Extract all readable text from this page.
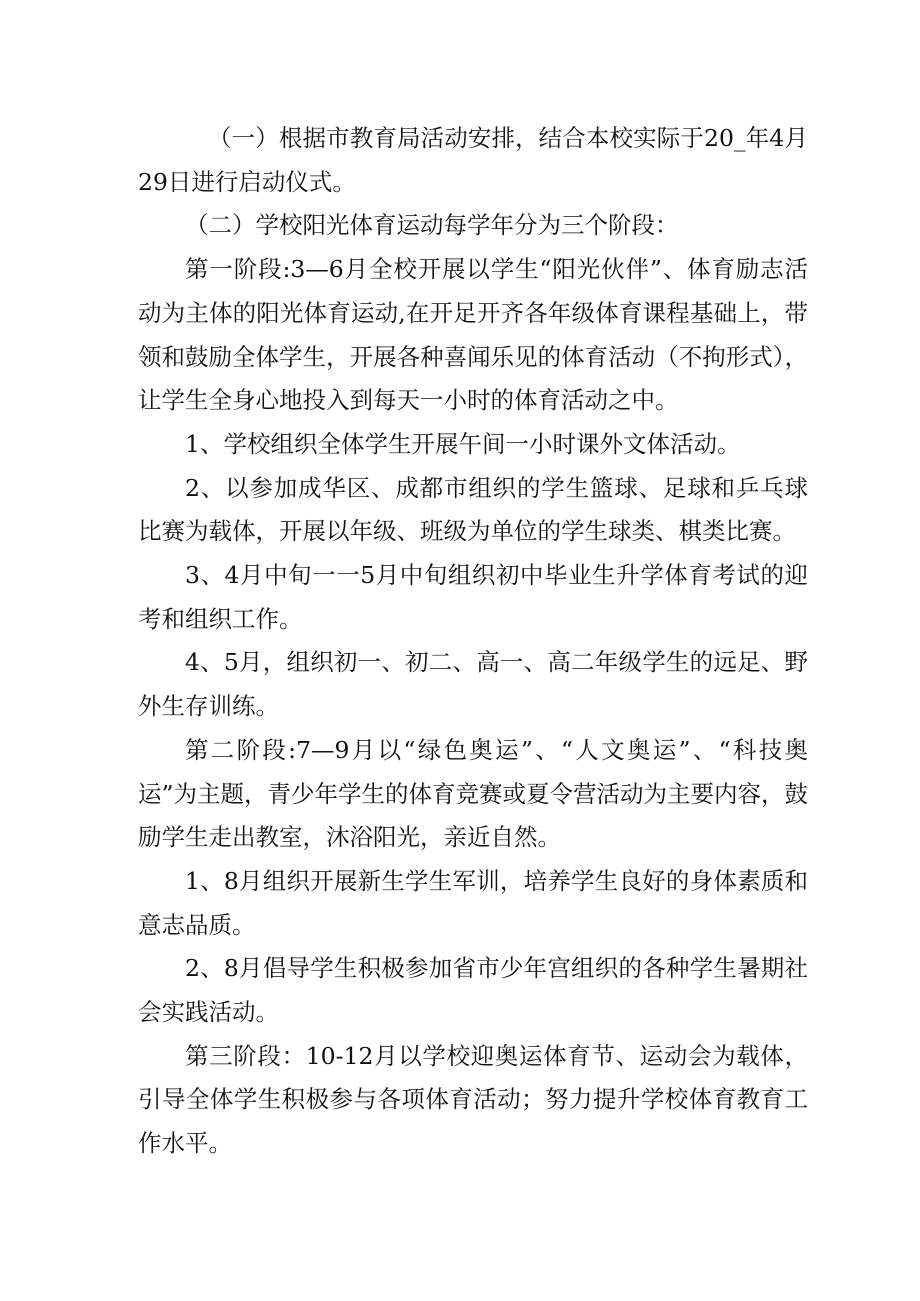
（一）根据市教育局活动安排，结合本校实际于20_年4月29日进行启动仪式。

（二）学校阳光体育运动每学年分为三个阶段：

第一阶段:3—6月全校开展以学生“阳光伙伴”、体育励志活动为主体的阳光体育运动,在开足开齐各年级体育课程基础上，带领和鼓励全体学生，开展各种喜闻乐见的体育活动（不拘形式），让学生全身心地投入到每天一小时的体育活动之中。

1、学校组织全体学生开展午间一小时课外文体活动。

2、以参加成华区、成都市组织的学生篮球、足球和乒乓球比赛为载体，开展以年级、班级为单位的学生球类、棋类比赛。

3、4月中旬一一5月中旬组织初中毕业生升学体育考试的迎考和组织工作。

4、5月，组织初一、初二、高一、高二年级学生的远足、野外生存训练。

第二阶段:7—9月以“绿色奥运”、“人文奥运”、“科技奥运”为主题，青少年学生的体育竞赛或夏令营活动为主要内容，鼓励学生走出教室，沐浴阳光，亲近自然。

1、8月组织开展新生学生军训，培养学生良好的身体素质和意志品质。

2、8月倡导学生积极参加省市少年宫组织的各种学生暑期社会实践活动。

第三阶段：10-12月以学校迎奥运体育节、运动会为载体，引导全体学生积极参与各项体育活动；努力提升学校体育教育工作水平。
